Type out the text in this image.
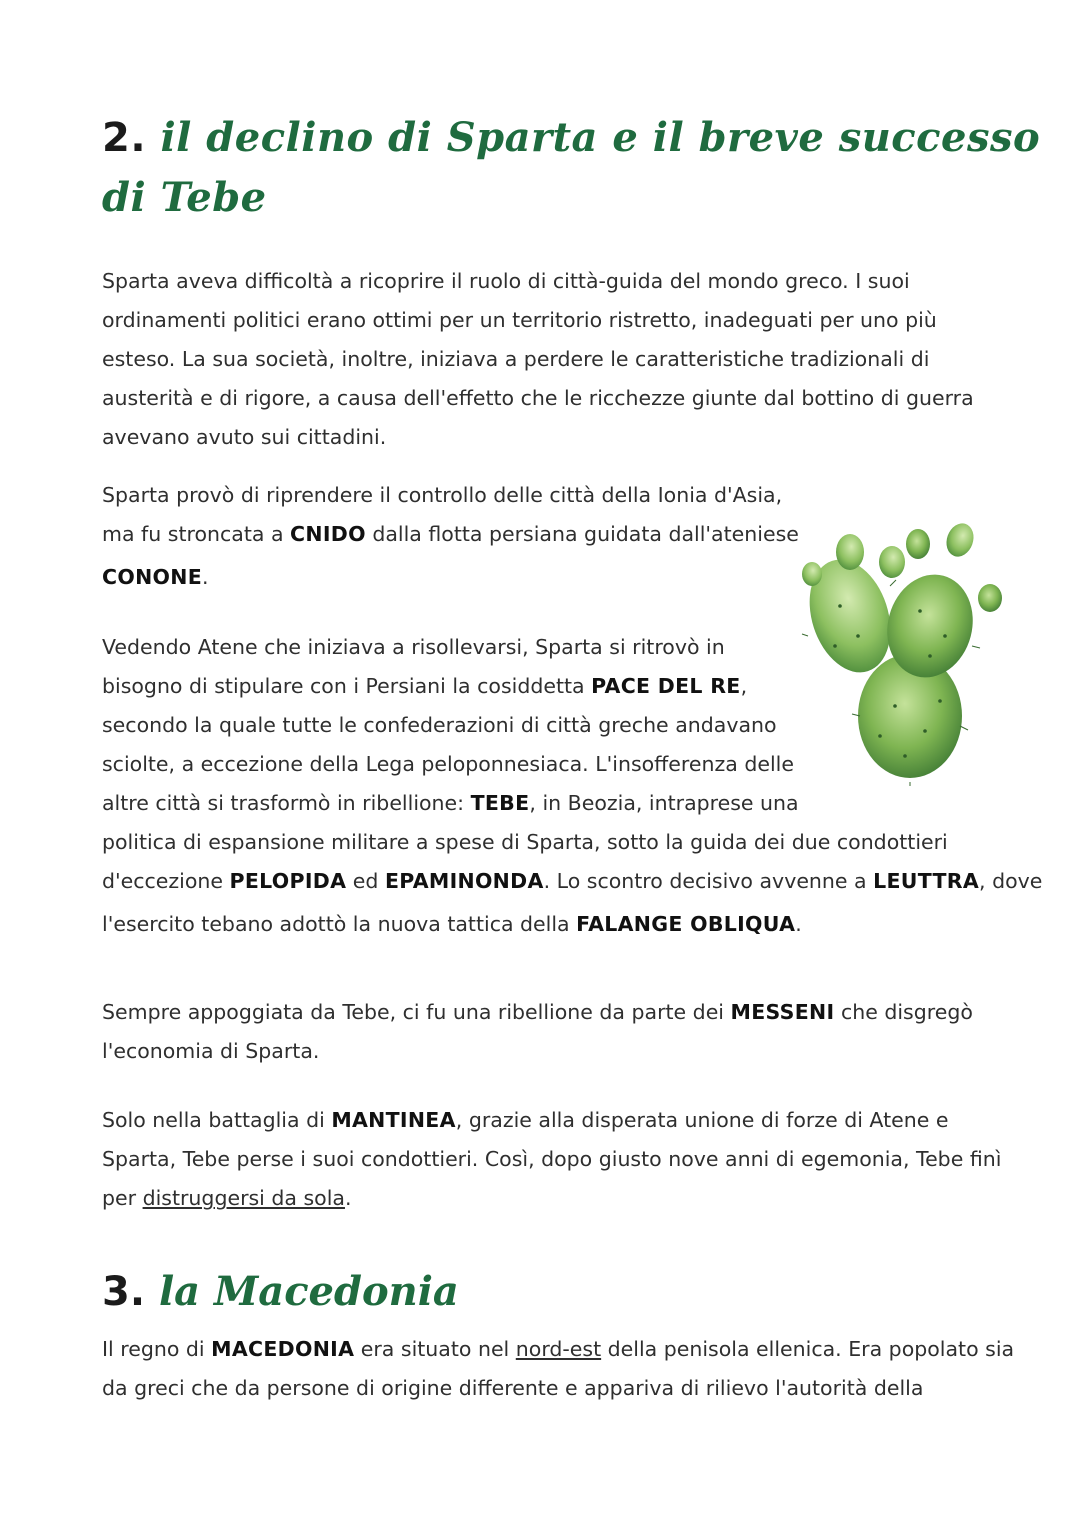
2. il declino di Sparta e il breve successo
di Tebe

Sparta aveva difficoltà a ricoprire il ruolo di città-guida del mondo greco. I suoi
ordinamenti politici erano ottimi per un territorio ristretto, inadeguati per uno più
esteso. La sua società, inoltre, iniziava a perdere le caratteristiche tradizionali di
austerità e di rigore, a causa dell'effetto che le ricchezze giunte dal bottino di guerra
avevano avuto sui cittadini.

Sparta provò di riprendere il controllo delle città della Ionia d'Asia,
ma fu stroncata a CNIDO dalla flotta persiana guidata dall'ateniese
CONONE.

Vedendo Atene che iniziava a risollevarsi, Sparta si ritrovò in
bisogno di stipulare con i Persiani la cosiddetta PACE DEL RE,
secondo la quale tutte le confederazioni di città greche andavano
sciolte, a eccezione della Lega peloponnesiaca. L'insofferenza delle
altre città si trasformò in ribellione: TEBE, in Beozia, intraprese una
politica di espansione militare a spese di Sparta, sotto la guida dei due condottieri
d'eccezione PELOPIDA ed EPAMINONDA. Lo scontro decisivo avvenne a LEUTTRA, dove
l'esercito tebano adottò la nuova tattica della FALANGE OBLIQUA.

Sempre appoggiata da Tebe, ci fu una ribellione da parte dei MESSENI che disgregò
l'economia di Sparta.

Solo nella battaglia di MANTINEA, grazie alla disperata unione di forze di Atene e
Sparta, Tebe perse i suoi condottieri. Così, dopo giusto nove anni di egemonia, Tebe finì
per distruggersi da sola.

3. la Macedonia

Il regno di MACEDONIA era situato nel nord-est della penisola ellenica. Era popolato sia
da greci che da persone di origine differente e appariva di rilievo l'autorità della
